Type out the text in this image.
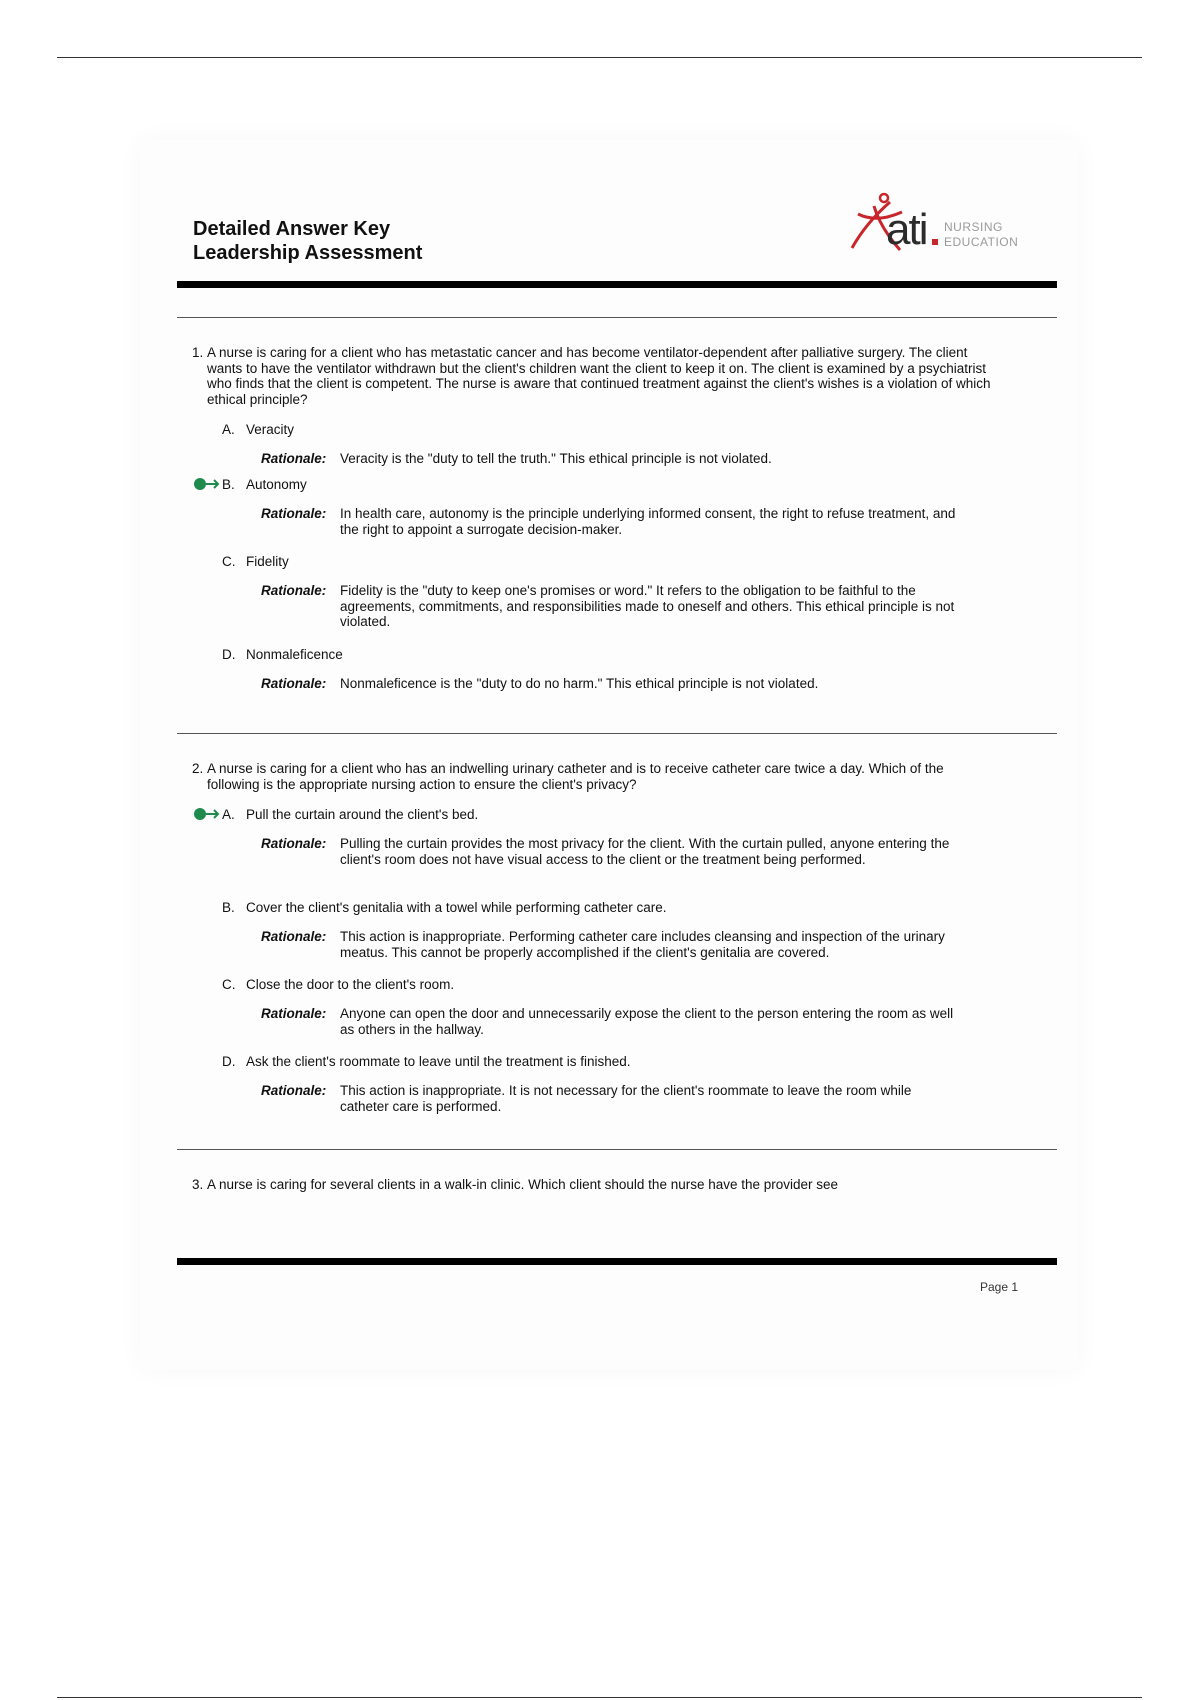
Detailed Answer Key
Leadership Assessment	ati NURSING
EDUCATION
1. A nurse is caring for a client who has metastatic cancer and has become ventilator-dependent after palliative surgery. The client wants to have the ventilator withdrawn but the client's children want the client to keep it on. The client is examined by a psychiatrist who finds that the client is competent. The nurse is aware that continued treatment against the client's wishes is a violation of which ethical principle?
A. Veracity
Rationale: Veracity is the "duty to tell the truth." This ethical principle is not violated.
B. Autonomy
Rationale: In health care, autonomy is the principle underlying informed consent, the right to refuse treatment, and the right to appoint a surrogate decision-maker.
C. Fidelity
Rationale: Fidelity is the "duty to keep one's promises or word." It refers to the obligation to be faithful to the agreements, commitments, and responsibilities made to oneself and others. This ethical principle is not violated.
D. Nonmaleficence
Rationale: Nonmaleficence is the "duty to do no harm." This ethical principle is not violated.
2. A nurse is caring for a client who has an indwelling urinary catheter and is to receive catheter care twice a day. Which of the following is the appropriate nursing action to ensure the client's privacy?
A. Pull the curtain around the client's bed.
Rationale: Pulling the curtain provides the most privacy for the client. With the curtain pulled, anyone entering the client's room does not have visual access to the client or the treatment being performed.
B. Cover the client's genitalia with a towel while performing catheter care.
Rationale: This action is inappropriate. Performing catheter care includes cleansing and inspection of the urinary meatus. This cannot be properly accomplished if the client's genitalia are covered.
C. Close the door to the client's room.
Rationale: Anyone can open the door and unnecessarily expose the client to the person entering the room as well as others in the hallway.
D. Ask the client's roommate to leave until the treatment is finished.
Rationale: This action is inappropriate. It is not necessary for the client's roommate to leave the room while catheter care is performed.
3. A nurse is caring for several clients in a walk-in clinic. Which client should the nurse have the provider see
Page 1
